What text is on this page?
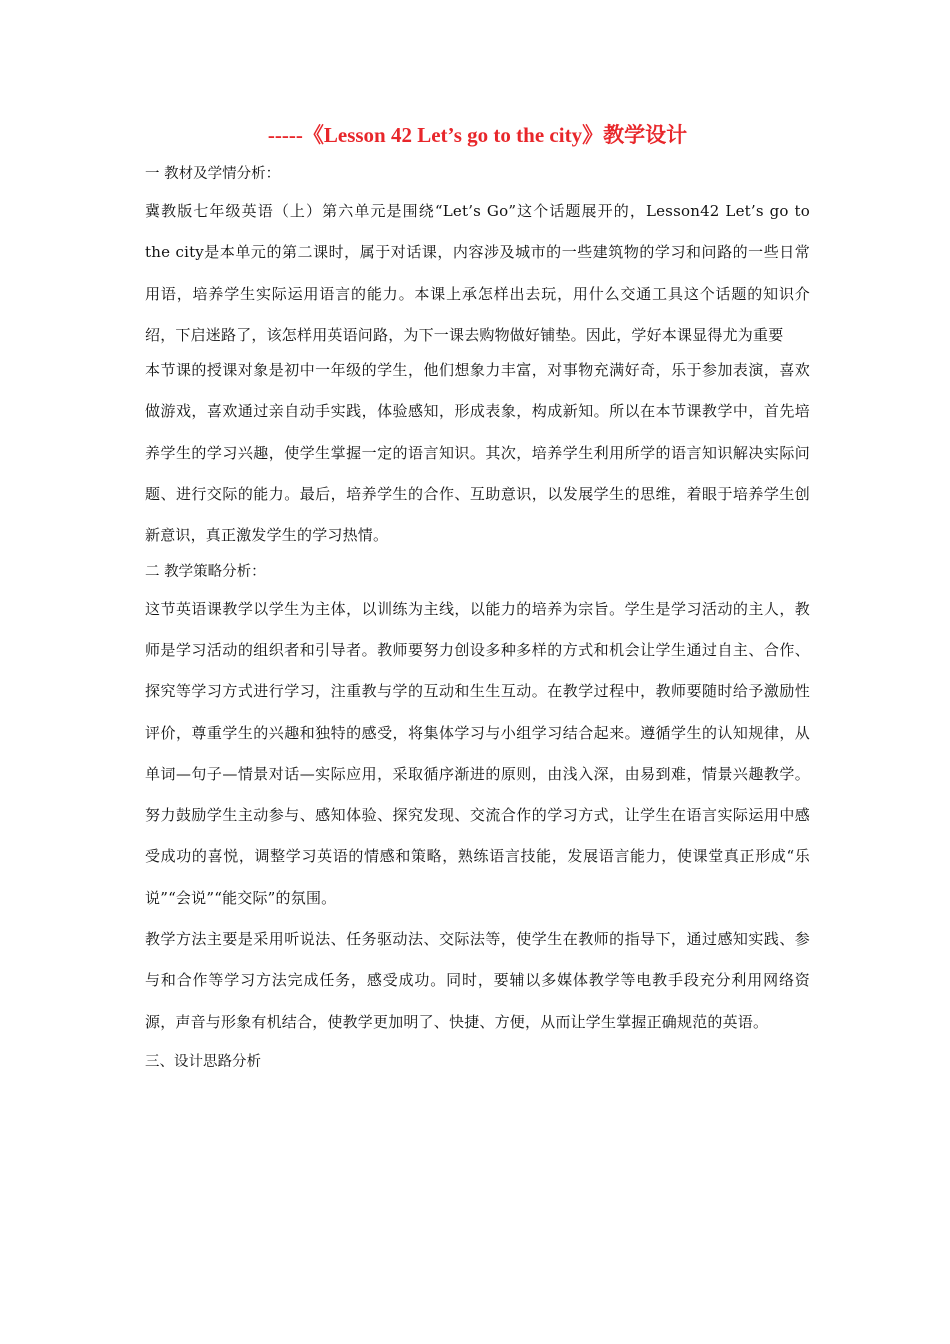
-----《Lesson 42 Let’s go to the city》教学设计
一 教材及学情分析：

冀教版七年级英语（上）第六单元是围绕“Let’s Go”这个话题展开的，Lesson42 Let’s go to the city是本单元的第二课时，属于对话课，内容涉及城市的一些建筑物的学习和问路的一些日常用语，培养学生实际运用语言的能力。本课上承怎样出去玩，用什么交通工具这个话题的知识介绍，下启迷路了，该怎样用英语问路，为下一课去购物做好铺垫。因此，学好本课显得尤为重要

本节课的授课对象是初中一年级的学生，他们想象力丰富，对事物充满好奇，乐于参加表演，喜欢做游戏，喜欢通过亲自动手实践，体验感知，形成表象，构成新知。所以在本节课教学中，首先培养学生的学习兴趣，使学生掌握一定的语言知识。其次，培养学生利用所学的语言知识解决实际问题、进行交际的能力。最后，培养学生的合作、互助意识，以发展学生的思维，着眼于培养学生创新意识，真正激发学生的学习热情。

二 教学策略分析：

这节英语课教学以学生为主体，以训练为主线，以能力的培养为宗旨。学生是学习活动的主人，教师是学习活动的组织者和引导者。教师要努力创设多种多样的方式和机会让学生通过自主、合作、探究等学习方式进行学习，注重教与学的互动和生生互动。在教学过程中，教师要随时给予激励性评价，尊重学生的兴趣和独特的感受，将集体学习与小组学习结合起来。遵循学生的认知规律，从单词—句子—情景对话—实际应用，采取循序渐进的原则，由浅入深，由易到难，情景兴趣教学。努力鼓励学生主动参与、感知体验、探究发现、交流合作的学习方式，让学生在语言实际运用中感受成功的喜悦，调整学习英语的情感和策略，熟练语言技能，发展语言能力，使课堂真正形成“乐说”“会说”“能交际”的氛围。

教学方法主要是采用听说法、任务驱动法、交际法等，使学生在教师的指导下，通过感知实践、参与和合作等学习方法完成任务，感受成功。同时，要辅以多媒体教学等电教手段充分利用网络资源，声音与形象有机结合，使教学更加明了、快捷、方便，从而让学生掌握正确规范的英语。

三、设计思路分析
